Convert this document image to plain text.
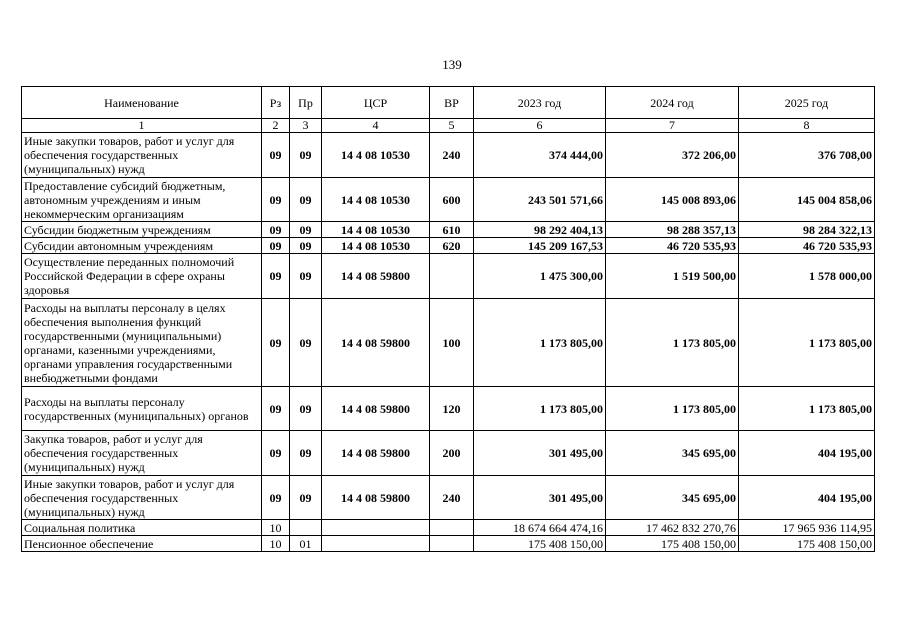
139
Наименование	Рз	Пр	ЦСР	ВР	2023 год	2024 год	2025 год
1	2	3	4	5	6	7	8
Иные закупки товаров, работ и услуг для обеспечения государственных (муниципальных) нужд	09	09	14 4 08 10530	240	374 444,00	372 206,00	376 708,00
Предоставление субсидий бюджетным, автономным учреждениям и иным некоммерческим организациям	09	09	14 4 08 10530	600	243 501 571,66	145 008 893,06	145 004 858,06
Субсидии бюджетным учреждениям	09	09	14 4 08 10530	610	98 292 404,13	98 288 357,13	98 284 322,13
Субсидии автономным учреждениям	09	09	14 4 08 10530	620	145 209 167,53	46 720 535,93	46 720 535,93
Осуществление переданных полномочий Российской Федерации в сфере охраны здоровья	09	09	14 4 08 59800		1 475 300,00	1 519 500,00	1 578 000,00
Расходы на выплаты персоналу в целях обеспечения выполнения функций государственными (муниципальными) органами, казенными учреждениями, органами управления государственными внебюджетными фондами	09	09	14 4 08 59800	100	1 173 805,00	1 173 805,00	1 173 805,00
Расходы на выплаты персоналу государственных (муниципальных) органов	09	09	14 4 08 59800	120	1 173 805,00	1 173 805,00	1 173 805,00
Закупка товаров, работ и услуг для обеспечения государственных (муниципальных) нужд	09	09	14 4 08 59800	200	301 495,00	345 695,00	404 195,00
Иные закупки товаров, работ и услуг для обеспечения государственных (муниципальных) нужд	09	09	14 4 08 59800	240	301 495,00	345 695,00	404 195,00
Социальная политика	10				18 674 664 474,16	17 462 832 270,76	17 965 936 114,95
Пенсионное обеспечение	10	01			175 408 150,00	175 408 150,00	175 408 150,00
